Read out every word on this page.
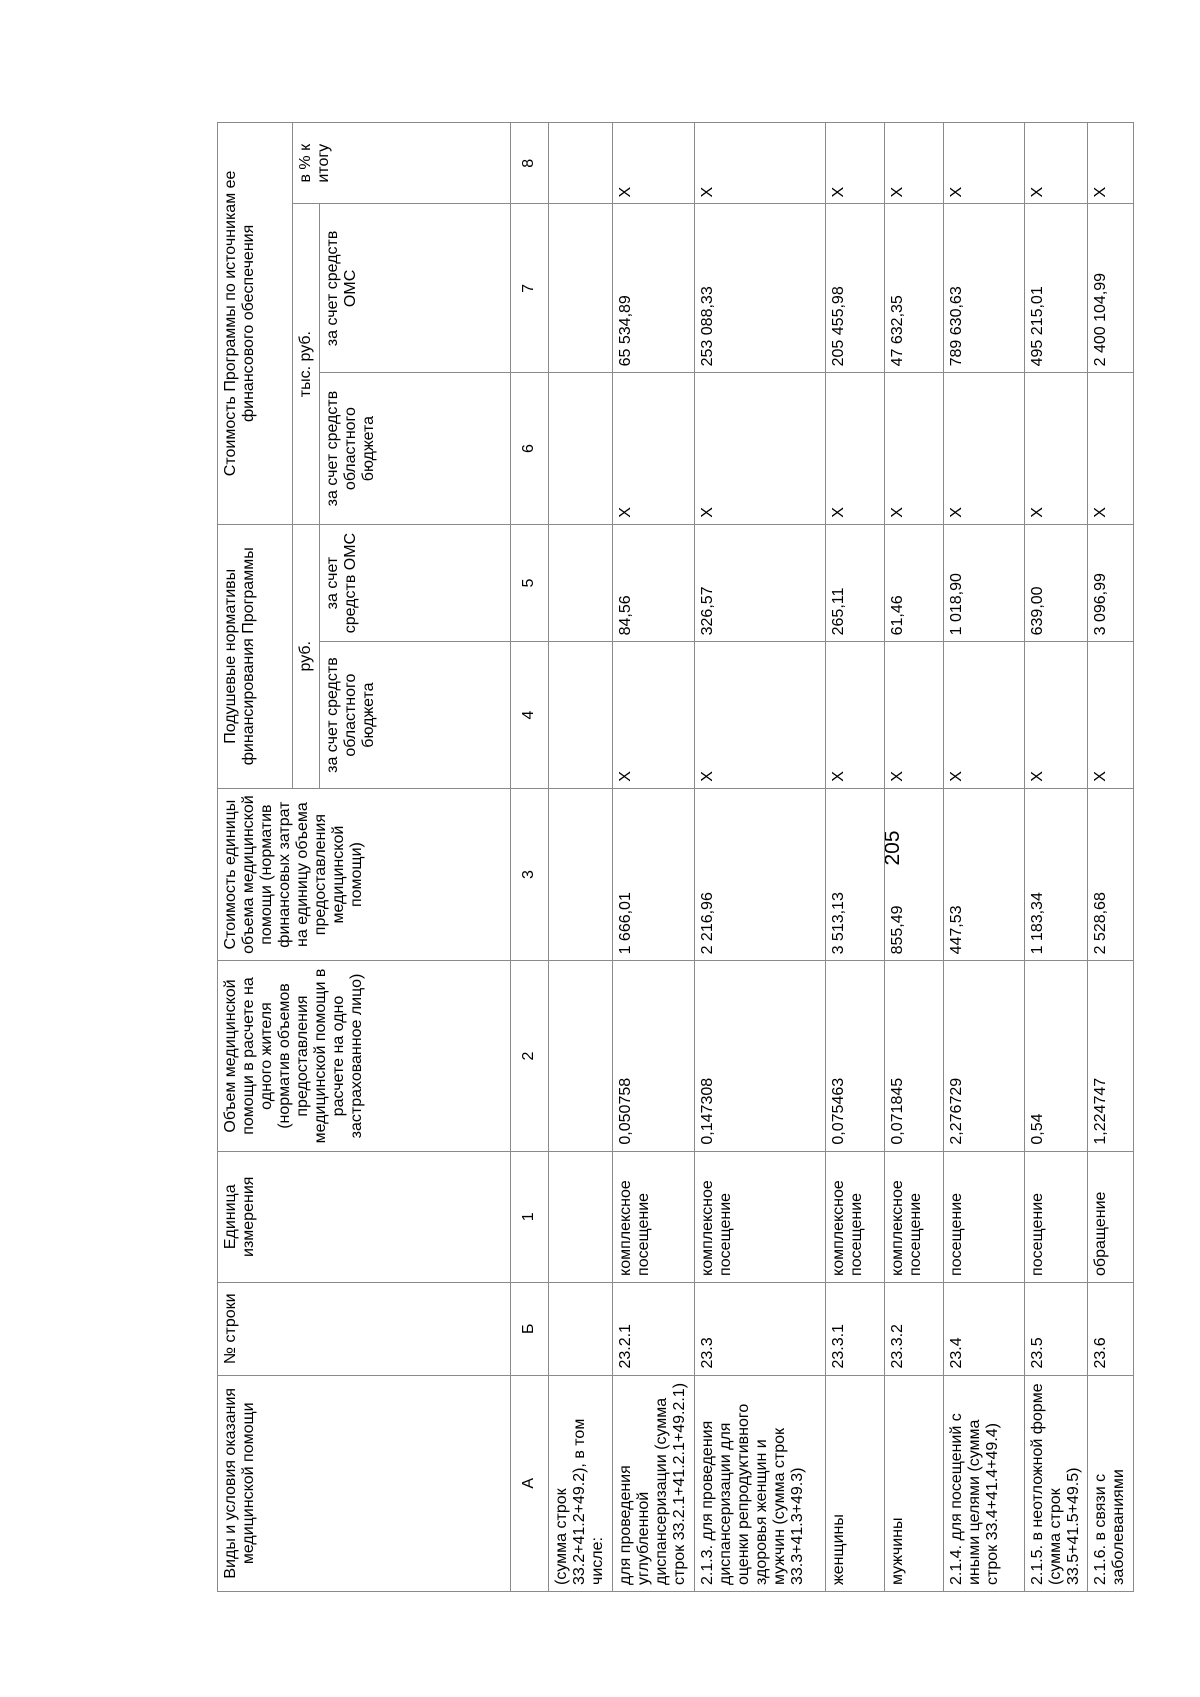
205
Виды и условия оказания медицинской помощи	№ строки	Единица измерения	Объем медицинской помощи в расчете на одного жителя (норматив объемов предоставления медицинской помощи в расчете на одно застрахованное лицо)	Стоимость единицы объема медицинской помощи (норматив финансовых затрат на единицу объема предоставления медицинской помощи)	Подушевые нормативы финансирования Программы		Стоимость Программы по источникам ее финансового обеспечения		
					руб.		тыс. руб.		в % к итогу
					за счет средств областного бюджета	за счет средств ОМС	за счет средств областного бюджета	за счет средств ОМС	
А	Б	1	2	3	4	5	6	7	8
(сумма строк 33.2+41.2+49.2), в том числе:									
для проведения углубленной диспансеризации (сумма строк 33.2.1+41.2.1+49.2.1)	23.2.1	комплексное посещение	0,050758	1 666,01	X	84,56	X	65 534,89	X
2.1.3. для проведения диспансеризации для оценки репродуктивного здоровья женщин и мужчин (сумма строк 33.3+41.3+49.3)	23.3	комплексное посещение	0,147308	2 216,96	X	326,57	X	253 088,33	X
женщины	23.3.1	комплексное посещение	0,075463	3 513,13	X	265,11	X	205 455,98	X
мужчины	23.3.2	комплексное посещение	0,071845	855,49	X	61,46	X	47 632,35	X
2.1.4. для посещений с иными целями (сумма строк 33.4+41.4+49.4)	23.4	посещение	2,276729	447,53	X	1 018,90	X	789 630,63	X
2.1.5. в неотложной форме (сумма строк 33.5+41.5+49.5)	23.5	посещение	0,54	1 183,34	X	639,00	X	495 215,01	X
2.1.6. в связи с заболеваниями	23.6	обращение	1,224747	2 528,68	X	3 096,99	X	2 400 104,99	X
